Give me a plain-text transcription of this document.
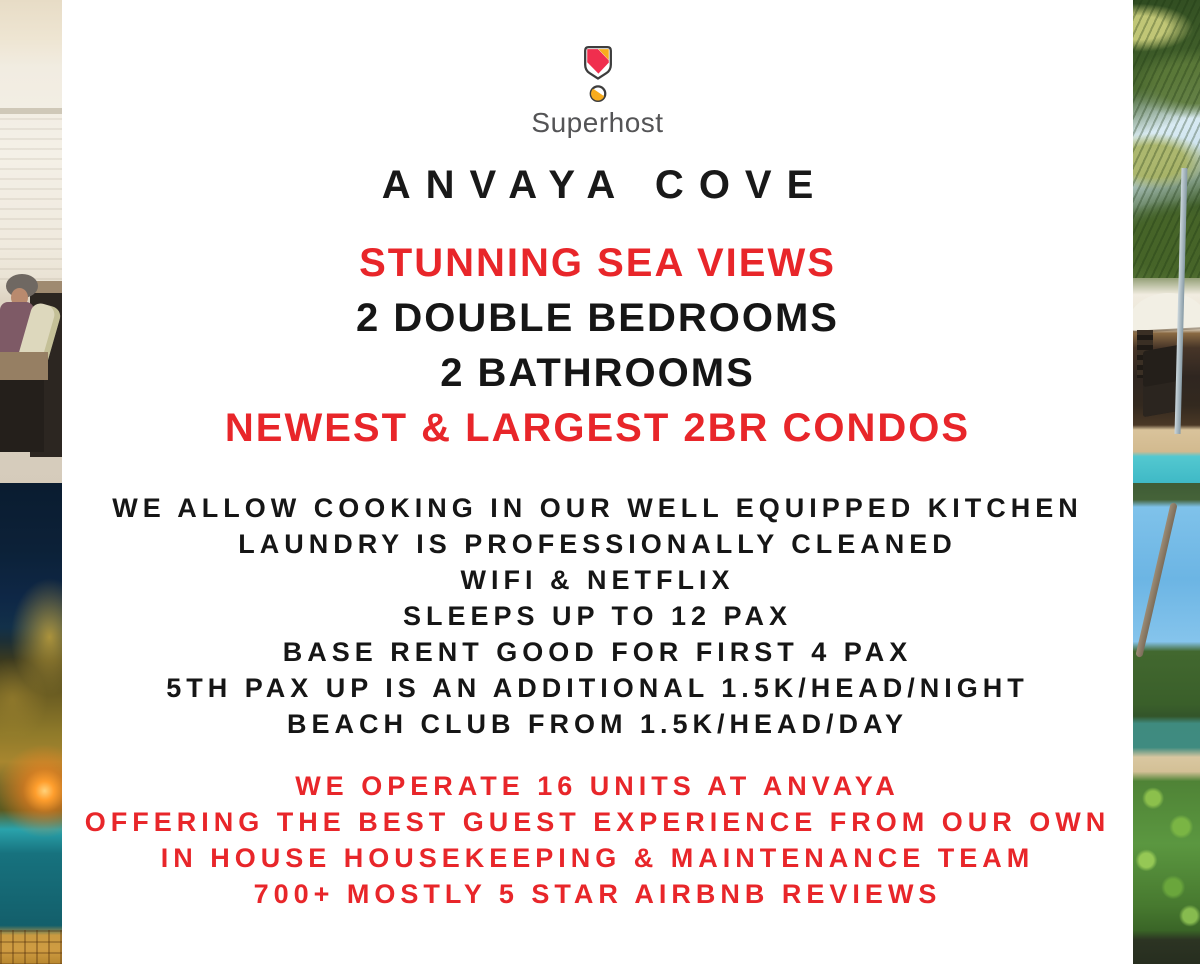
Superhost
ANVAYA COVE
STUNNING SEA VIEWS
2 DOUBLE BEDROOMS
2 BATHROOMS
NEWEST & LARGEST 2BR CONDOS
WE ALLOW COOKING IN OUR WELL EQUIPPED KITCHEN
LAUNDRY IS PROFESSIONALLY CLEANED
WIFI & NETFLIX
SLEEPS UP TO 12 PAX
BASE RENT GOOD FOR FIRST 4 PAX
5TH PAX UP IS AN ADDITIONAL 1.5K/HEAD/NIGHT
BEACH CLUB FROM 1.5K/HEAD/DAY
WE OPERATE 16 UNITS AT ANVAYA
OFFERING THE BEST GUEST EXPERIENCE FROM OUR OWN
IN HOUSE HOUSEKEEPING & MAINTENANCE TEAM
700+ MOSTLY 5 STAR AIRBNB REVIEWS
